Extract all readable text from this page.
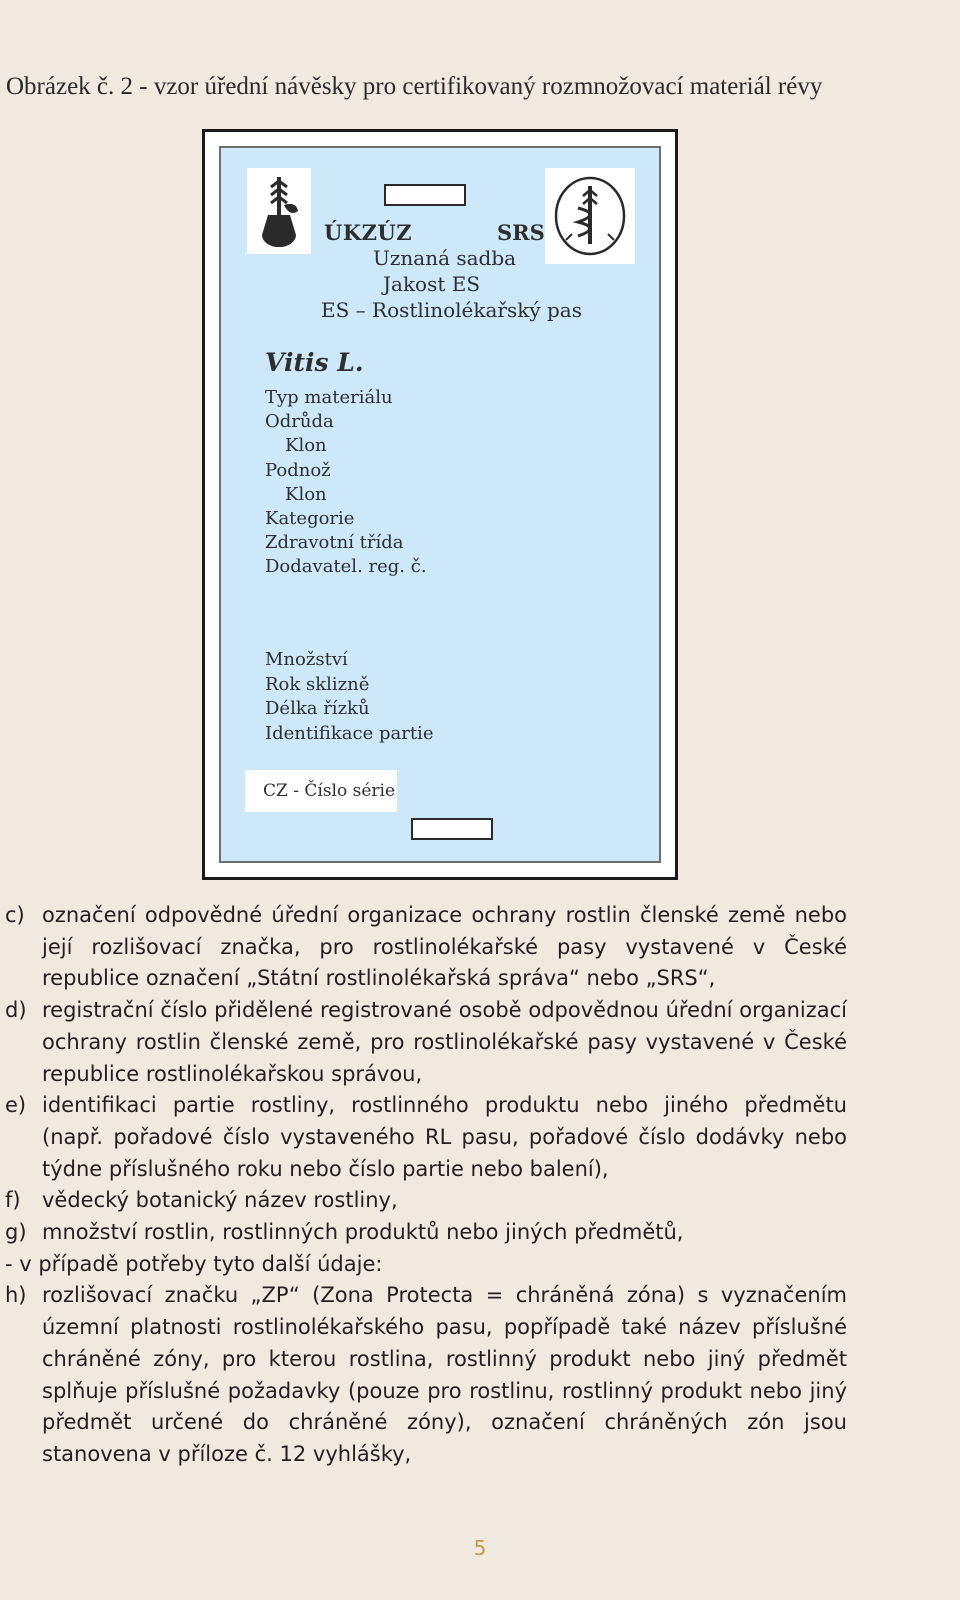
Obrázek č. 2 - vzor úřední návěsky pro certifikovaný rozmnožovací materiál révy
ÚKZÚZ	SRS
Uznaná sadba
Jakost ES
ES – Rostlinolékařský pas
Vitis L.
Typ materiálu
Odrůda
Klon
Podnož
Klon
Kategorie
Zdravotní třída
Dodavatel. reg. č.
Množství
Rok sklizně
Délka řízků
Identifikace partie
CZ - Číslo série
c) označení odpovědné úřední organizace ochrany rostlin členské země nebo její rozlišovací značka, pro rostlinolékařské pasy vystavené v České republice označení „Státní rostlinolékařská správa“ nebo „SRS“,
d) registrační číslo přidělené registrované osobě odpovědnou úřední organizací ochrany rostlin členské země, pro rostlinolékařské pasy vystavené v České republice rostlinolékařskou správou,
e) identifikaci partie rostliny, rostlinného produktu nebo jiného předmětu (např. pořadové číslo vystaveného RL pasu, pořadové číslo dodávky nebo týdne příslušného roku nebo číslo partie nebo balení),
f)	vědecký botanický název rostliny,
g) množství rostlin, rostlinných produktů nebo jiných předmětů,
- v případě potřeby tyto další údaje:
h) rozlišovací značku „ZP“ (Zona Protecta = chráněná zóna) s vyznačením územní platnosti rostlinolékařského pasu, popřípadě také název příslušné chráněné zóny, pro kterou rostlina, rostlinný produkt nebo jiný předmět splňuje příslušné požadavky (pouze pro rostlinu, rostlinný produkt nebo jiný předmět určené do chráněné zóny), označení chráněných zón jsou stanovena v příloze č. 12 vyhlášky,
5
